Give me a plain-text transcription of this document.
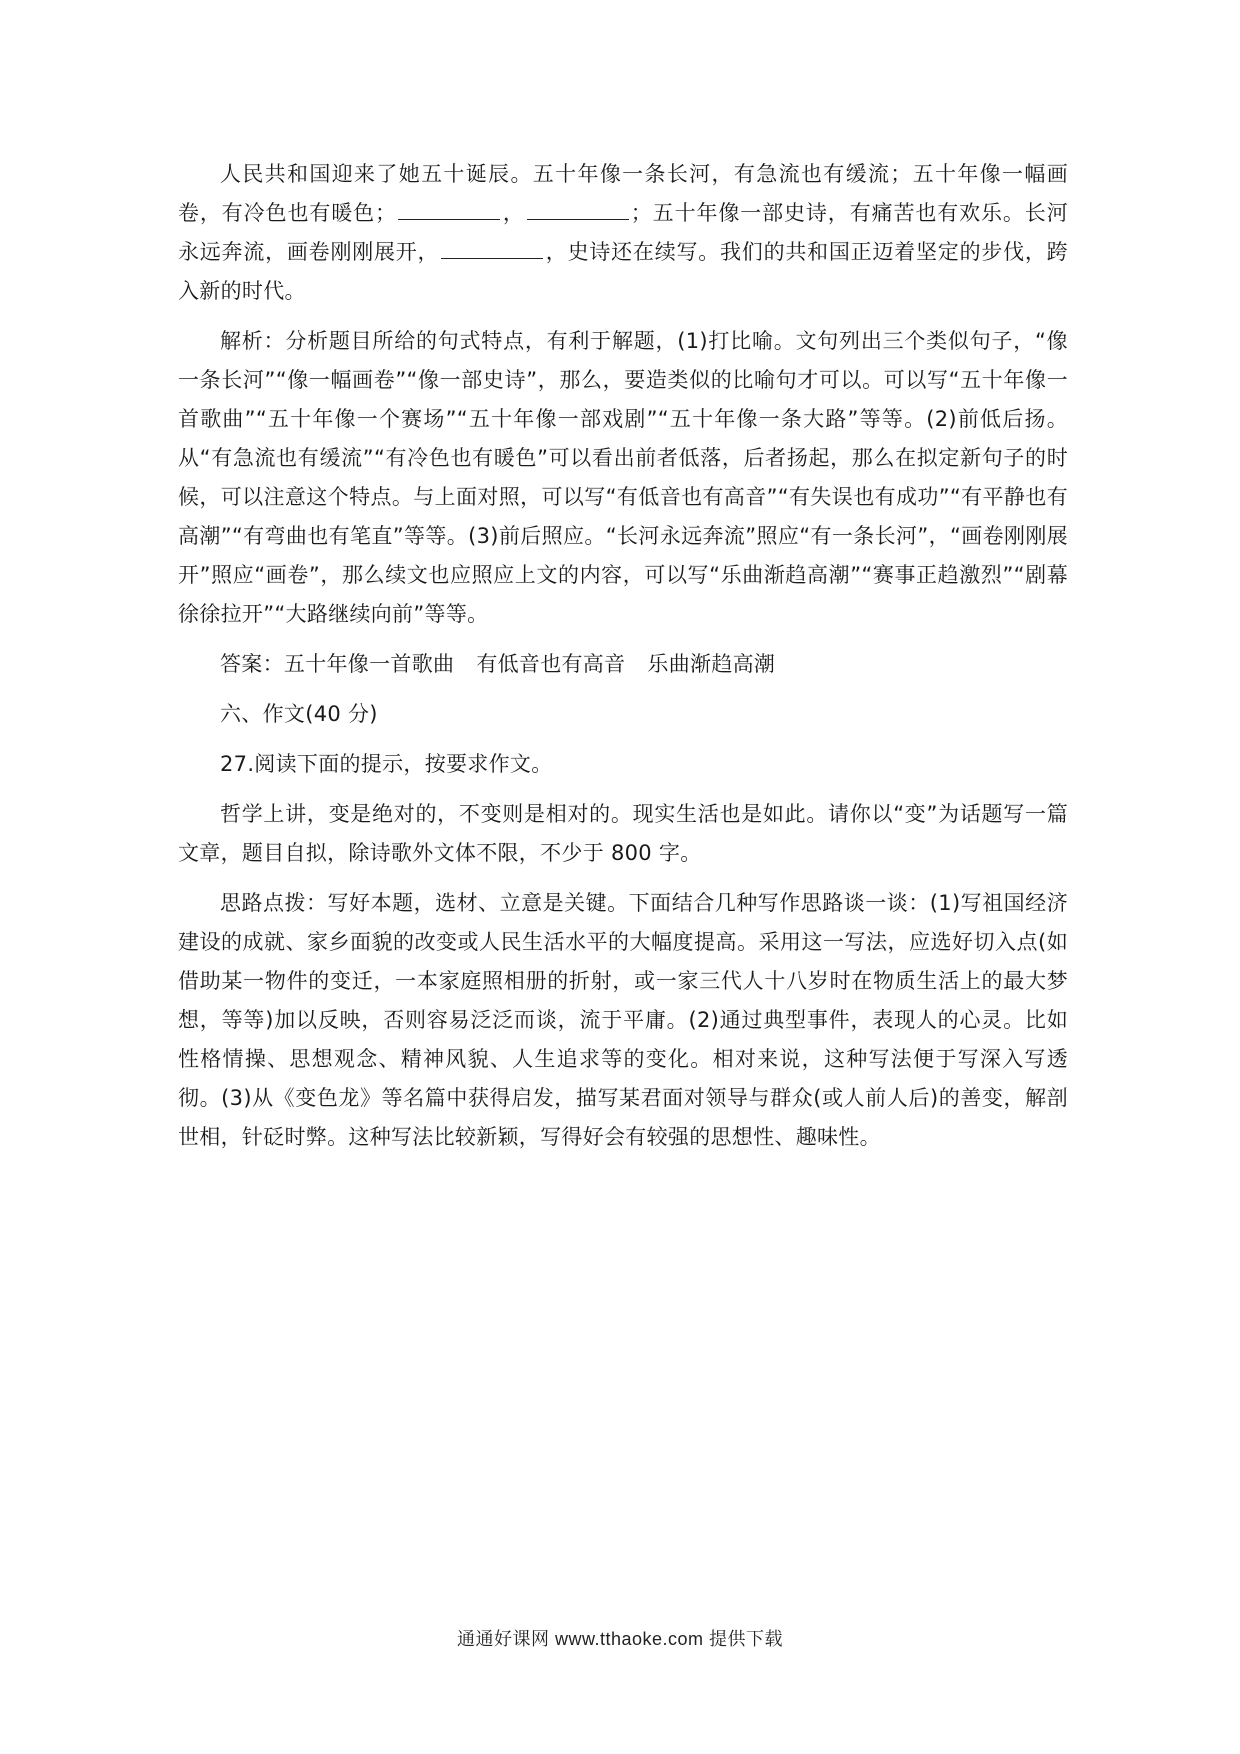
人民共和国迎来了她五十诞辰。五十年像一条长河，有急流也有缓流；五十年像一幅画卷，有冷色也有暖色；	，	；五十年像一部史诗，有痛苦也有欢乐。长河永远奔流，画卷刚刚展开，	，史诗还在续写。我们的共和国正迈着坚定的步伐，跨入新的时代。

解析：分析题目所给的句式特点，有利于解题，(1)打比喻。文句列出三个类似句子，“像一条长河”“像一幅画卷”“像一部史诗”，那么，要造类似的比喻句才可以。可以写“五十年像一首歌曲”“五十年像一个赛场”“五十年像一部戏剧”“五十年像一条大路”等等。(2)前低后扬。从“有急流也有缓流”“有冷色也有暖色”可以看出前者低落，后者扬起，那么在拟定新句子的时候，可以注意这个特点。与上面对照，可以写“有低音也有高音”“有失误也有成功”“有平静也有高潮”“有弯曲也有笔直”等等。(3)前后照应。“长河永远奔流”照应“有一条长河”，“画卷刚刚展开”照应“画卷”，那么续文也应照应上文的内容，可以写“乐曲渐趋高潮”“赛事正趋激烈”“剧幕徐徐拉开”“大路继续向前”等等。

答案：五十年像一首歌曲 有低音也有高音 乐曲渐趋高潮

六、作文(40 分)

27.阅读下面的提示，按要求作文。

哲学上讲，变是绝对的，不变则是相对的。现实生活也是如此。请你以“变”为话题写一篇文章，题目自拟，除诗歌外文体不限，不少于 800 字。

思路点拨：写好本题，选材、立意是关键。下面结合几种写作思路谈一谈：(1)写祖国经济建设的成就、家乡面貌的改变或人民生活水平的大幅度提高。采用这一写法，应选好切入点(如借助某一物件的变迁，一本家庭照相册的折射，或一家三代人十八岁时在物质生活上的最大梦想，等等)加以反映，否则容易泛泛而谈，流于平庸。(2)通过典型事件，表现人的心灵。比如性格情操、思想观念、精神风貌、人生追求等的变化。相对来说，这种写法便于写深入写透彻。(3)从《变色龙》等名篇中获得启发，描写某君面对领导与群众(或人前人后)的善变，解剖世相，针砭时弊。这种写法比较新颖，写得好会有较强的思想性、趣味性。

通通好课网 www.tthaoke.com 提供下载
